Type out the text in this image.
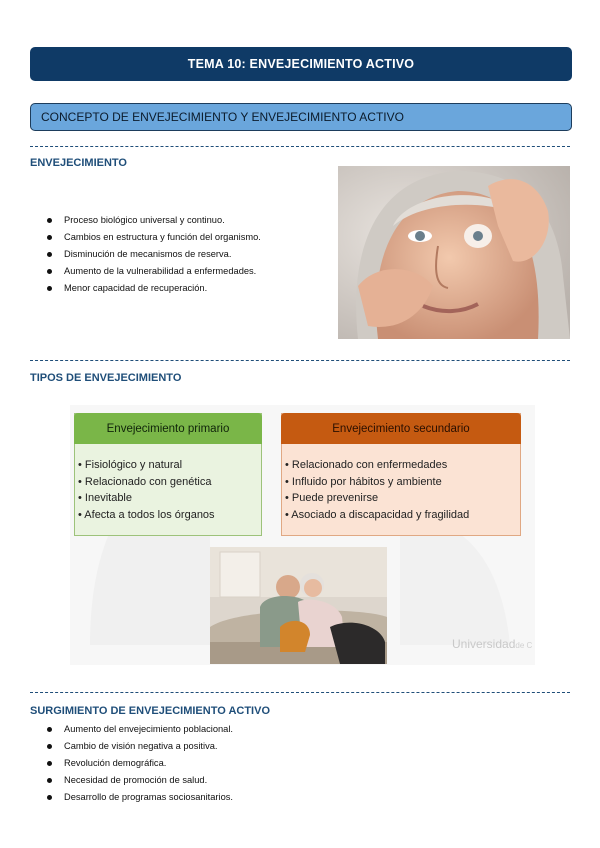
TEMA 10: ENVEJECIMIENTO ACTIVO
CONCEPTO DE ENVEJECIMIENTO Y ENVEJECIMIENTO ACTIVO
ENVEJECIMIENTO
Proceso biológico universal y continuo.
Cambios en estructura y función del organismo.
Disminución de mecanismos de reserva.
Aumento de la vulnerabilidad a enfermedades.
Menor capacidad de recuperación.
TIPOS DE ENVEJECIMIENTO
Envejecimiento primario
• Fisiológico y natural
• Relacionado con genética
• Inevitable
• Afecta a todos los órganos
Envejecimiento secundario
• Relacionado con enfermedades
• Influido por hábitos y ambiente
• Puede prevenirse
• Asociado a discapacidad y fragilidad
Universidadde C
SURGIMIENTO DE ENVEJECIMIENTO ACTIVO
Aumento del envejecimiento poblacional.
Cambio de visión negativa a positiva.
Revolución demográfica.
Necesidad de promoción de salud.
Desarrollo de programas sociosanitarios.
